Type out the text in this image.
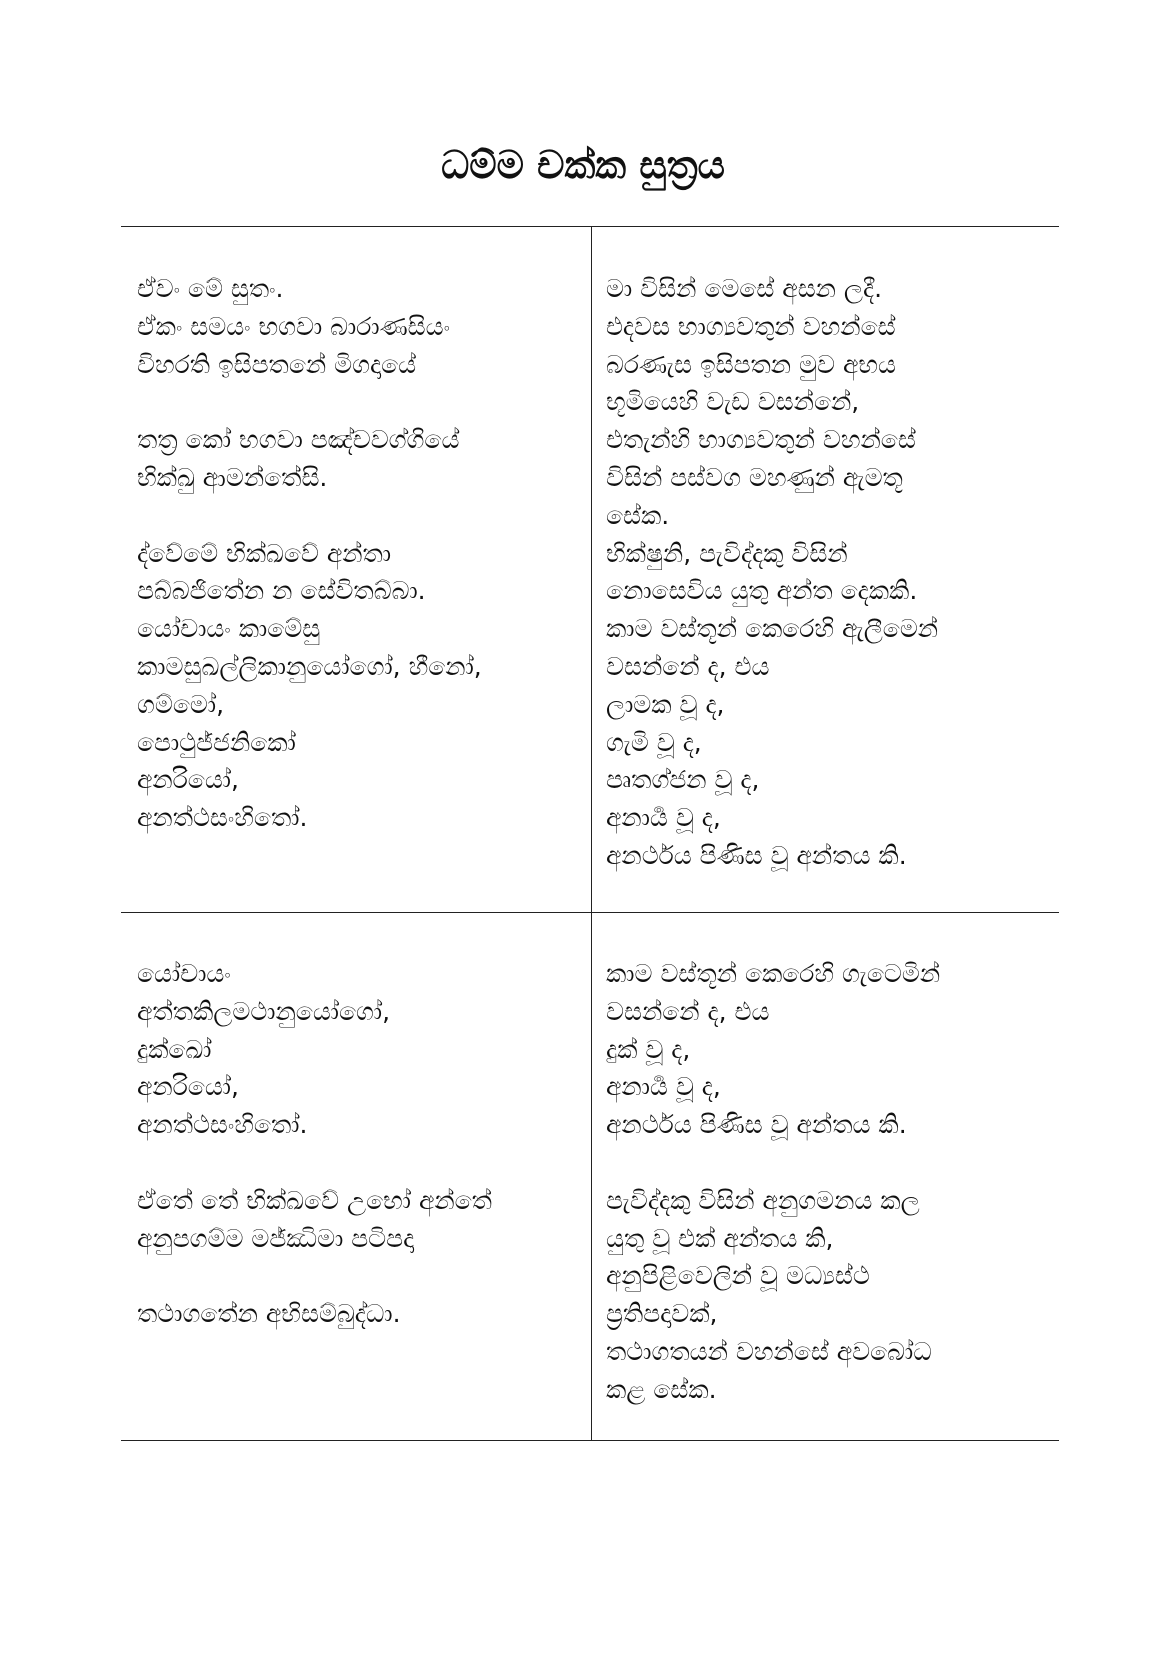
ධම්ම චක්ක සුත්‍රය
ඒවං මේ සුතං.
ඒකං සමයං භගවා බාරාණසියං
විහරති ඉසිපතනේ මිගදායේ
තත්‍ර කෝ භගවා පඤ්චවග්ගියේ
භික්ඛු ආමන්තේසි.
ද්වේමේ භික්ඛවේ අන්තා
පබ්බජිතේන න සේවිතබ්බා.
යෝචායං කාමේසු
කාමසුඛල්ලිකානුයෝගෝ, හීනෝ,
ගම්මෝ,
පොථුජ්ජනිකෝ
අනරියෝ,
අනත්ථසංහිතෝ.
මා විසින් මෙසේ අසන ලදී.
එදවස භාග්‍යවතුන් වහන්සේ
බරණැස ඉසිපතන මුව අභය
භූමියෙහි වැඩ වසන්නේ,
එතැන්හි භාග්‍යවතුන් වහන්සේ
විසින් පස්වග මහණුන් ඇමතූ
සේක.
භික්ෂුනි, පැවිද්දකු විසින්
නොසෙවිය යුතු අන්ත දෙකකි.
කාම වස්තූන් කෙරෙහි ඇලීමෙන්
වසන්නේ ද, එය
ලාමක වූ ද,
ගැමි වූ ද,
පෘතග්ජන වූ ද,
අනාර්‍ය වූ ද,
අනර්ථය පිණිස වූ අන්තය කි.
යෝචායං
අත්තකිලමථානුයෝගෝ,
දුක්ඛෝ
අනරියෝ,
අනත්ථසංහිතෝ.
ඒතේ තේ භික්ඛවේ උභෝ අන්තේ
අනුපගම්ම මජ්ඣිමා පටිපදා
තථාගතේන අභිසම්බුද්ධා.
කාම වස්තූන් කෙරෙහි ගැටෙමින්
වසන්නේ ද, එය
දුක් වූ ද,
අනාර්‍ය වූ ද,
අනර්ථය පිණිස වූ අන්තය කි.
පැවිද්දකු විසින් අනුගමනය කල
යුතු වූ එක් අන්තය කි,
අනුපිළිවෙලින් වූ මධ්‍යස්ථ
ප්‍රතිපදාවක්,
තථාගතයන් වහන්සේ අවබෝධ
කළ සේක.
